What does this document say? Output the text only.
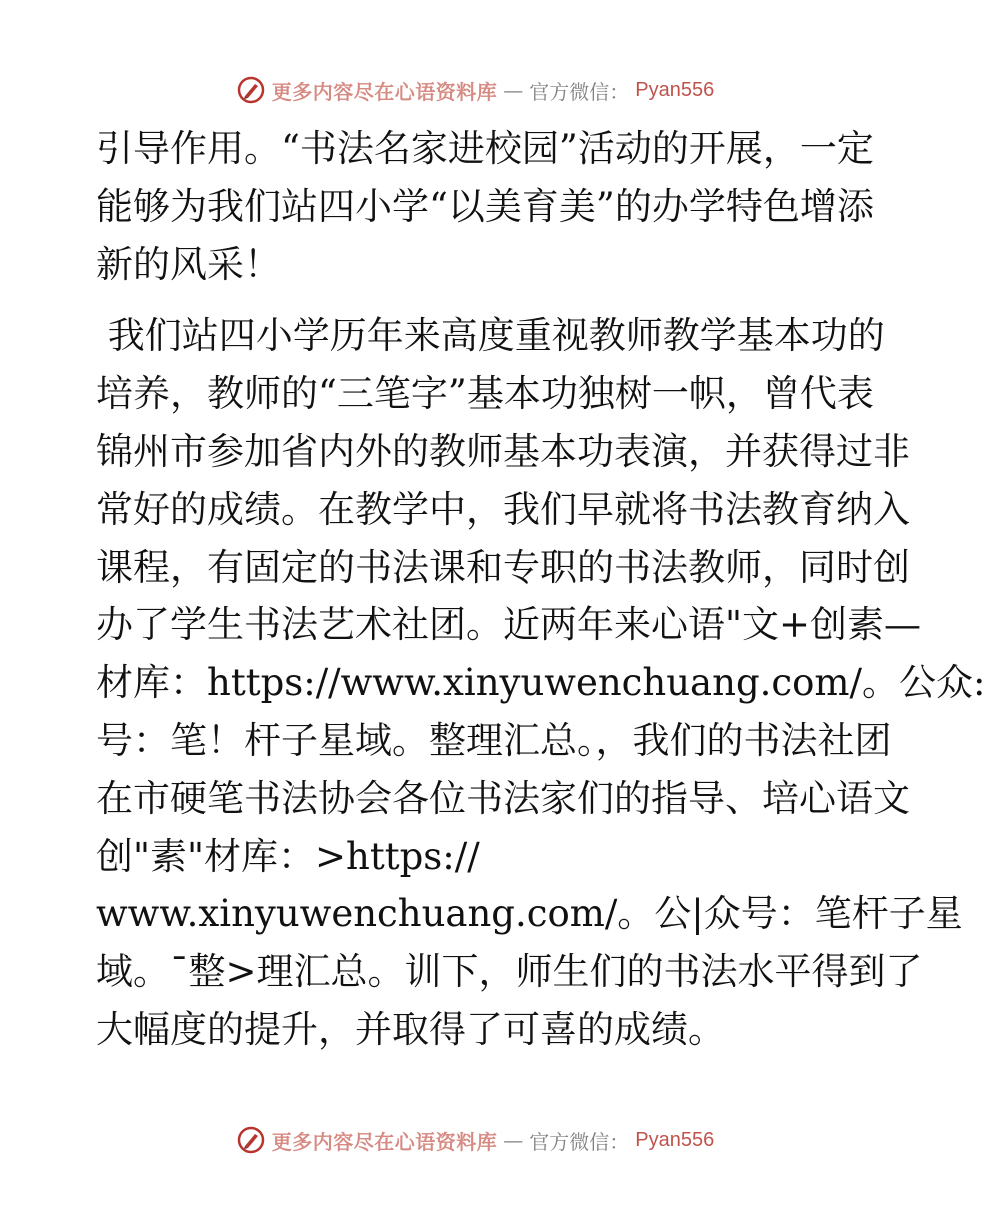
更多内容尽在心语资料库 — 官方微信： Pyan556
引导作用。“书法名家进校园”活动的开展，一定
能够为我们站四小学“以美育美”的办学特色增添
新的风采！
我们站四小学历年来高度重视教师教学基本功的
培养，教师的“三笔字”基本功独树一帜，曾代表
锦州市参加省内外的教师基本功表演，并获得过非
常好的成绩。在教学中，我们早就将书法教育纳入
课程，有固定的书法课和专职的书法教师，同时创
办了学生书法艺术社团。近两年来心语"文+创素—
材库：https://www.xinyuwenchuang.com/。公众:
号：笔！杆子星域。整理汇总。，我们的书法社团
在市硬笔书法协会各位书法家们的指导、培心语文
创"素"材库：>https://
www.xinyuwenchuang.com/。公|众号：笔杆子星
域。¯整>理汇总。训下，师生们的书法水平得到了
大幅度的提升，并取得了可喜的成绩。
更多内容尽在心语资料库 — 官方微信： Pyan556
